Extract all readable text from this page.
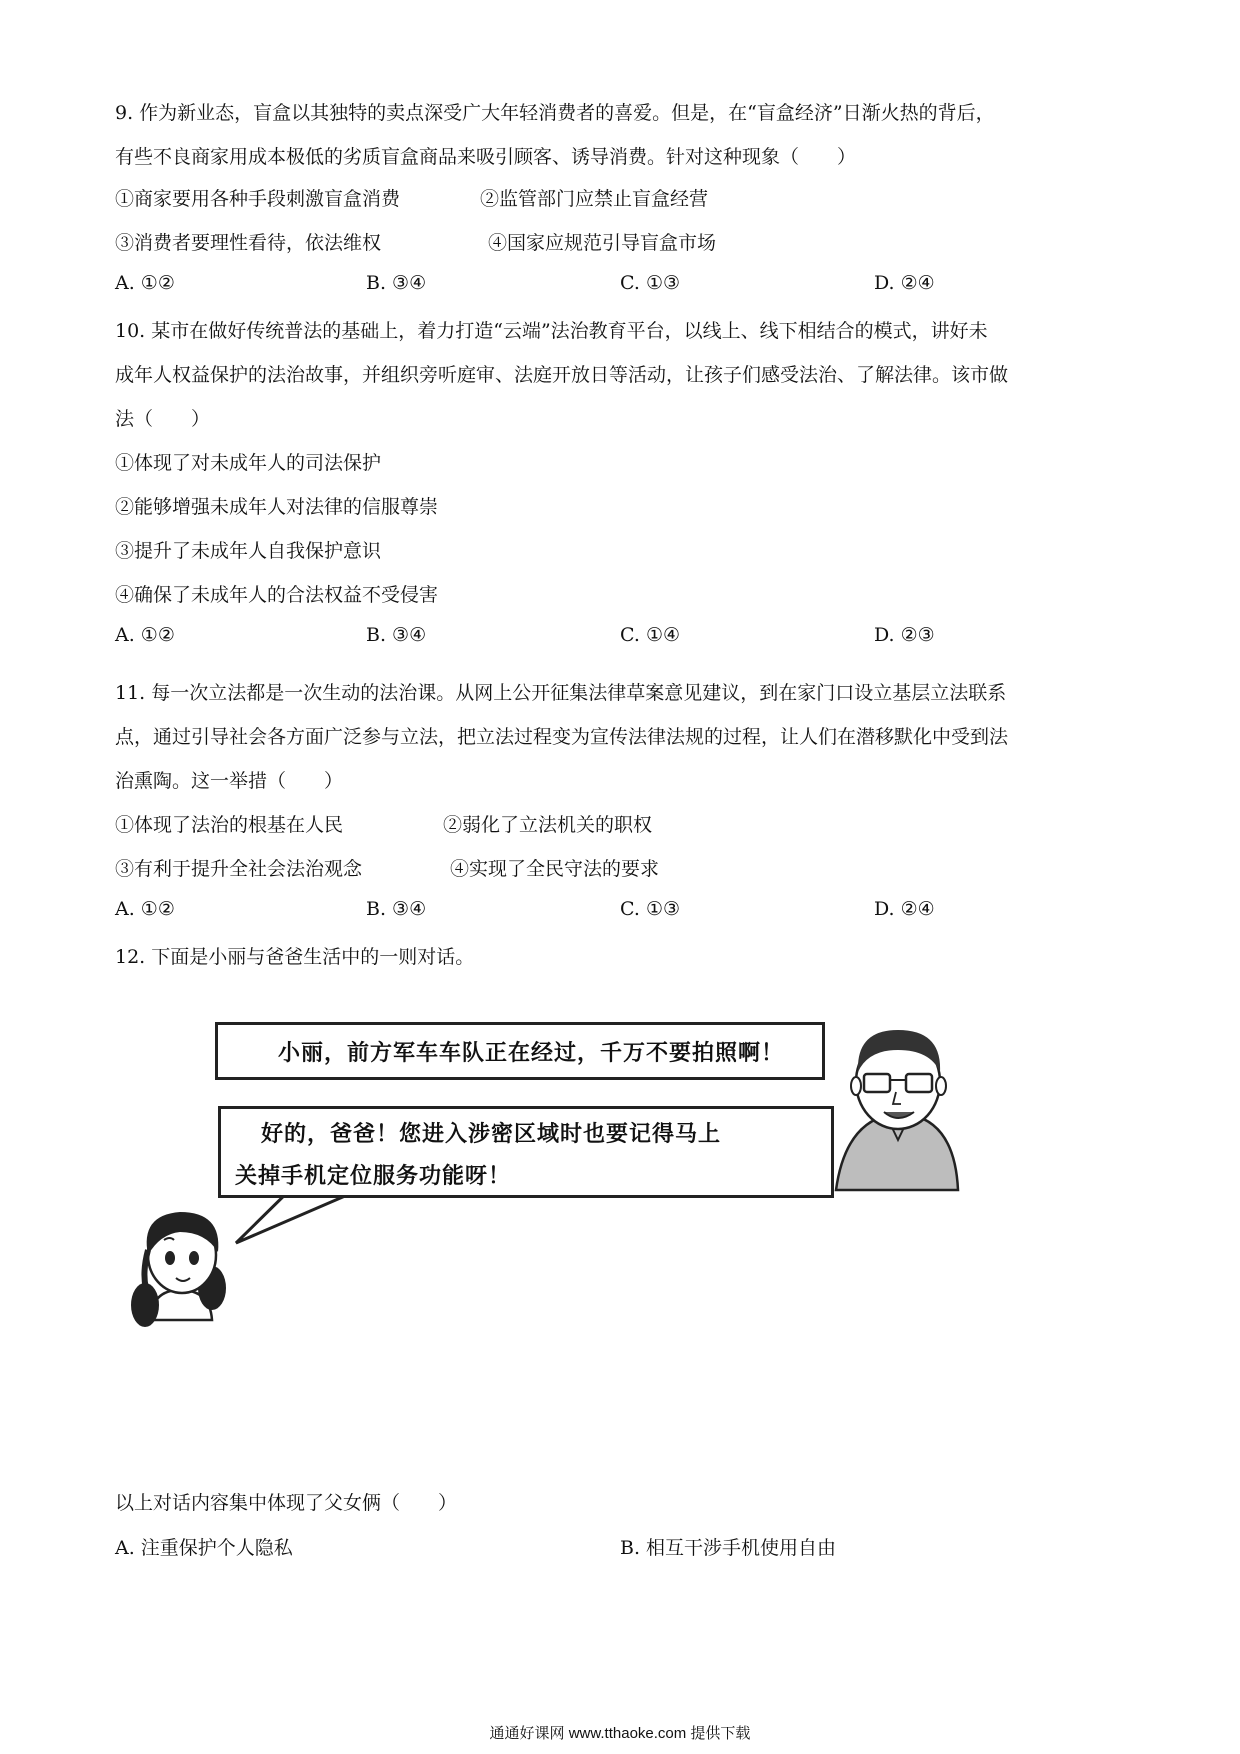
9. 作为新业态，盲盒以其独特的卖点深受广大年轻消费者的喜爱。但是，在“盲盒经济”日渐火热的背后，
有些不良商家用成本极低的劣质盲盒商品来吸引顾客、诱导消费。针对这种现象（　　）
①商家要用各种手段刺激盲盒消费	②监管部门应禁止盲盒经营
③消费者要理性看待，依法维权	④国家应规范引导盲盒市场
A. ①②	B. ③④	C. ①③	D. ②④
10. 某市在做好传统普法的基础上，着力打造“云端”法治教育平台，以线上、线下相结合的模式，讲好未
成年人权益保护的法治故事，并组织旁听庭审、法庭开放日等活动，让孩子们感受法治、了解法律。该市做
法（　　）
①体现了对未成年人的司法保护
②能够增强未成年人对法律的信服尊崇
③提升了未成年人自我保护意识
④确保了未成年人的合法权益不受侵害
A. ①②	B. ③④	C. ①④	D. ②③
11. 每一次立法都是一次生动的法治课。从网上公开征集法律草案意见建议，到在家门口设立基层立法联系
点，通过引导社会各方面广泛参与立法，把立法过程变为宣传法律法规的过程，让人们在潜移默化中受到法
治熏陶。这一举措（　　）
①体现了法治的根基在人民	②弱化了立法机关的职权
③有利于提升全社会法治观念	④实现了全民守法的要求
A. ①②	B. ③④	C. ①③	D. ②④
12. 下面是小丽与爸爸生活中的一则对话。
小丽，前方军车车队正在经过，千万不要拍照啊！
好的，爸爸！您进入涉密区域时也要记得马上
关掉手机定位服务功能呀！
以上对话内容集中体现了父女俩（　　）
A. 注重保护个人隐私	B. 相互干涉手机使用自由
通通好课网 www.tthaoke.com 提供下载
